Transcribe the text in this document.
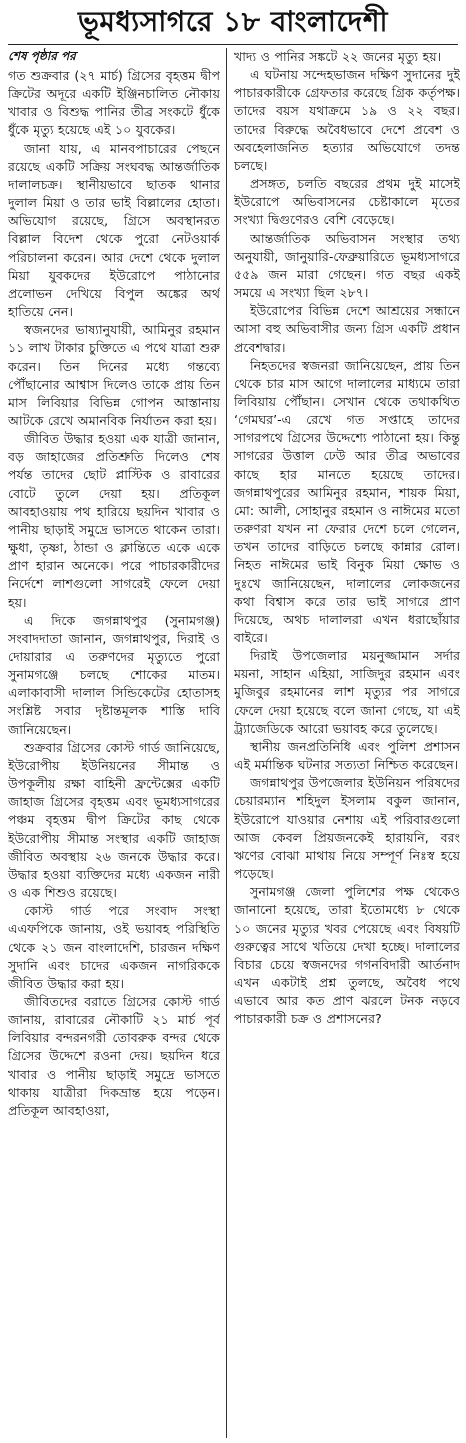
ভূমধ্যসাগরে ১৮ বাংলাদেশী
শেষ পৃষ্ঠার পর

গত শুক্রবার (২৭ মার্চ) গ্রিসের বৃহত্তম দ্বীপ ক্রিটের অদূরে একটি ইঞ্জিনচালিত নৌকায় খাবার ও বিশুদ্ধ পানির তীব্র সংকটে ধুঁকে ধুঁকে মৃত্যু হয়েছে এই ১০ যুবকের।

জানা যায়, এ মানবপাচারের পেছনে রয়েছে একটি সক্রিয় সংঘবদ্ধ আন্তর্জাতিক দালালচক্র। স্থানীয়ভাবে ছাতক থানার দুলাল মিয়া ও তার ভাই বিল্লালের হোতা। অভিযোগ রয়েছে, গ্রিসে অবস্থানরত বিল্লাল বিদেশ থেকে পুরো নেটওয়ার্ক পরিচালনা করেন। আর দেশে থেকে দুলাল মিয়া যুবকদের ইউরোপে পাঠানোর প্রলোভন দেখিয়ে বিপুল অঙ্কের অর্থ হাতিয়ে নেন।

স্বজনদের ভাষ্যানুযায়ী, আমিনুর রহমান ১১ লাখ টাকার চুক্তিতে এ পথে যাত্রা শুরু করেন। তিন দিনের মধ্যে গন্তব্যে পৌঁছানোর আশ্বাস দিলেও তাকে প্রায় তিন মাস লিবিয়ার বিভিন্ন গোপন আস্তানায় আটকে রেখে অমানবিক নির্যাতন করা হয়।

জীবিত উদ্ধার হওয়া এক যাত্রী জানান, বড় জাহাজের প্রতিশ্রুতি দিলেও শেষ পর্যন্ত তাদের ছোট প্লাস্টিক ও রাবারের বোটে তুলে দেয়া হয়। প্রতিকূল আবহাওয়ায় পথ হারিয়ে ছয়দিন খাবার ও পানীয় ছাড়াই সমুদ্রে ভাসতে থাকেন তারা। ক্ষুধা, তৃষ্ণা, ঠান্ডা ও ক্লান্তিতে একে একে প্রাণ হারান অনেকে। পরে পাচারকারীদের নির্দেশে লাশগুলো সাগরেই ফেলে দেয়া হয়।

এ দিকে জগন্নাথপুর (সুনামগঞ্জ) সংবাদদাতা জানান, জগন্নাথপুর, দিরাই ও দোয়ারার এ তরুণদের মৃত্যুতে পুরো সুনামগঞ্জে চলছে শোকের মাতম। এলাকাবাসী দালাল সিন্ডিকেটের হোতাসহ সংশ্লিষ্ট সবার দৃষ্টান্তমূলক শাস্তি দাবি জানিয়েছেন।

শুক্রবার গ্রিসের কোস্ট গার্ড জানিয়েছে, ইউরোপীয় ইউনিয়নের সীমান্ত ও উপকূলীয় রক্ষা বাহিনী ফ্রন্টেক্সের একটি জাহাজ গ্রিসের বৃহত্তম এবং ভূমধ্যসাগরের পঞ্চম বৃহত্তম দ্বীপ ক্রিটের কাছ থেকে ইউরোপীয় সীমান্ত সংস্থার একটি জাহাজ জীবিত অবস্থায় ২৬ জনকে উদ্ধার করে। উদ্ধার হওয়া ব্যক্তিদের মধ্যে একজন নারী ও এক শিশুও রয়েছে।

কোস্ট গার্ড পরে সংবাদ সংস্থা এএফপিকে জানায়, ওই ভয়াবহ পরিস্থিতি থেকে ২১ জন বাংলাদেশি, চারজন দক্ষিণ সুদানি এবং চাদের একজন নাগরিককে জীবিত উদ্ধার করা হয়।

জীবিতদের বরাতে গ্রিসের কোস্ট গার্ড জানায়, রাবারের নৌকাটি ২১ মার্চ পূর্ব লিবিয়ার বন্দরনগরী তোবরুক বন্দর থেকে গ্রিসের উদ্দেশে রওনা দেয়। ছয়দিন ধরে খাবার ও পানীয় ছাড়াই সমুদ্রে ভাসতে থাকায় যাত্রীরা দিকভ্রান্ত হয়ে পড়েন। প্রতিকূল আবহাওয়া,

খাদ্য ও পানির সঙ্কটে ২২ জনের মৃত্যু হয়।

এ ঘটনায় সন্দেহভাজন দক্ষিণ সুদানের দুই পাচারকারীকে গ্রেফতার করেছে গ্রিক কর্তৃপক্ষ। তাদের বয়স যথাক্রমে ১৯ ও ২২ বছর। তাদের বিরুদ্ধে অবৈধভাবে দেশে প্রবেশ ও অবহেলাজনিত হত্যার অভিযোগে তদন্ত চলছে।

প্রসঙ্গত, চলতি বছরের প্রথম দুই মাসেই ইউরোপে অভিবাসনের চেষ্টাকালে মৃতের সংখ্যা দ্বিগুণেরও বেশি বেড়েছে।

আন্তর্জাতিক অভিবাসন সংস্থার তথ্য অনুযায়ী, জানুয়ারি-ফেব্রুয়ারিতে ভূমধ্যসাগরে ৫৫৯ জন মারা গেছেন। গত বছর একই সময়ে এ সংখ্যা ছিল ২৮৭।

ইউরোপের বিভিন্ন দেশে আশ্রয়ের সন্ধানে আসা বহু অভিবাসীর জন্য গ্রিস একটি প্রধান প্রবেশদ্বার।

নিহতদের স্বজনরা জানিয়েছেন, প্রায় তিন থেকে চার মাস আগে দালালের মাধ্যমে তারা লিবিয়ায় পৌঁছান। সেখান থেকে তথাকথিত ‘গেমঘর’-এ রেখে গত সপ্তাহে তাদের সাগরপথে গ্রিসের উদ্দেশ্যে পাঠানো হয়। কিন্তু সাগরের উত্তাল ঢেউ আর তীব্র অভাবের কাছে হার মানতে হয়েছে তাদের। জগন্নাথপুরের আমিনুর রহমান, শায়ক মিয়া, মো: আলী, সোহানুর রহমান ও নাঈমের মতো তরুণরা যখন না ফেরার দেশে চলে গেলেন, তখন তাদের বাড়িতে চলছে কান্নার রোল। নিহত নাঈমের ভাই বিনুক মিয়া ক্ষোভ ও দুঃখে জানিয়েছেন, দালালের লোকজনের কথা বিশ্বাস করে তার ভাই সাগরে প্রাণ দিয়েছে, অথচ দালালরা এখন ধরাছোঁয়ার বাইরে।

দিরাই উপজেলার ময়নুজ্জামান সর্দার ময়না, সাহান এহিয়া, সাজিদুর রহমান এবং মুজিবুর রহমানের লাশ মৃত্যুর পর সাগরে ফেলে দেয়া হয়েছে বলে জানা গেছে, যা এই ট্র্যাজেডিকে আরো ভয়াবহ করে তুলেছে।

স্থানীয় জনপ্রতিনিধি এবং পুলিশ প্রশাসন এই মর্মান্তিক ঘটনার সত্যতা নিশ্চিত করেছেন।

জগন্নাথপুর উপজেলার ইউনিয়ন পরিষদের চেয়ারম্যান শহিদুল ইসলাম বকুল জানান, ইউরোপে যাওয়ার নেশায় এই পরিবারগুলো আজ কেবল প্রিয়জনকেই হারায়নি, বরং ঋণের বোঝা মাথায় নিয়ে সম্পূর্ণ নিঃস্ব হয়ে পড়েছে।

সুনামগঞ্জ জেলা পুলিশের পক্ষ থেকেও জানানো হয়েছে, তারা ইতোমধ্যে ৮ থেকে ১০ জনের মৃত্যুর খবর পেয়েছে এবং বিষয়টি গুরুত্বের সাথে খতিয়ে দেখা হচ্ছে। দালালের বিচার চেয়ে স্বজনদের গগনবিদারী আর্তনাদ এখন একটাই প্রশ্ন তুলছে, অবৈধ পথে এভাবে আর কত প্রাণ ঝরলে টনক নড়বে পাচারকারী চক্র ও প্রশাসনের?
